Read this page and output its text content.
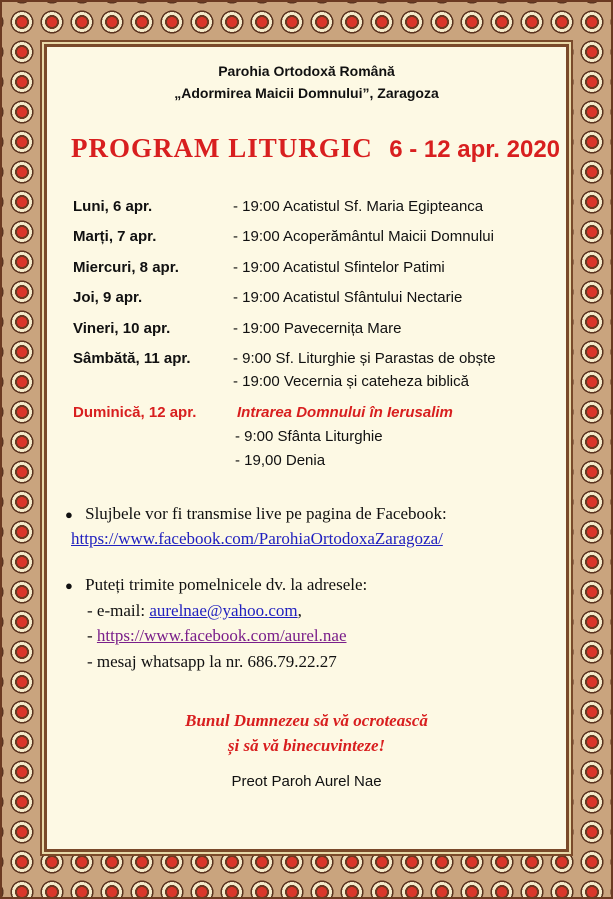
Parohia Ortodoxă Română
„Adormirea Maicii Domnului”, Zaragoza
PROGRAM LITURGIC 6 - 12 apr. 2020
Luni, 6 apr.	- 19:00 Acatistul Sf. Maria Egipteanca
Marți, 7 apr.	- 19:00 Acoperământul Maicii Domnului
Miercuri, 8 apr.	- 19:00 Acatistul Sfintelor Patimi
Joi, 9 apr.	- 19:00 Acatistul Sfântului Nectarie
Vineri, 10 apr.	- 19:00 Pavecernița Mare
Sâmbătă, 11 apr.	- 9:00 Sf. Liturghie și Parastas de obște
- 19:00 Vecernia și cateheza biblică
Duminică, 12 apr.	Intrarea Domnului în Ierusalim
- 9:00 Sfânta Liturghie
- 19,00 Denia
● Slujbele vor fi transmise live pe pagina de Facebook:
https://www.facebook.com/ParohiaOrtodoxaZaragoza/
● Puteți trimite pomelnicele dv. la adresele:
- e-mail: aurelnae@yahoo.com,
- https://www.facebook.com/aurel.nae
- mesaj whatsapp la nr. 686.79.22.27
Bunul Dumnezeu să vă ocrotească
și să vă binecuvinteze!
Preot Paroh Aurel Nae
